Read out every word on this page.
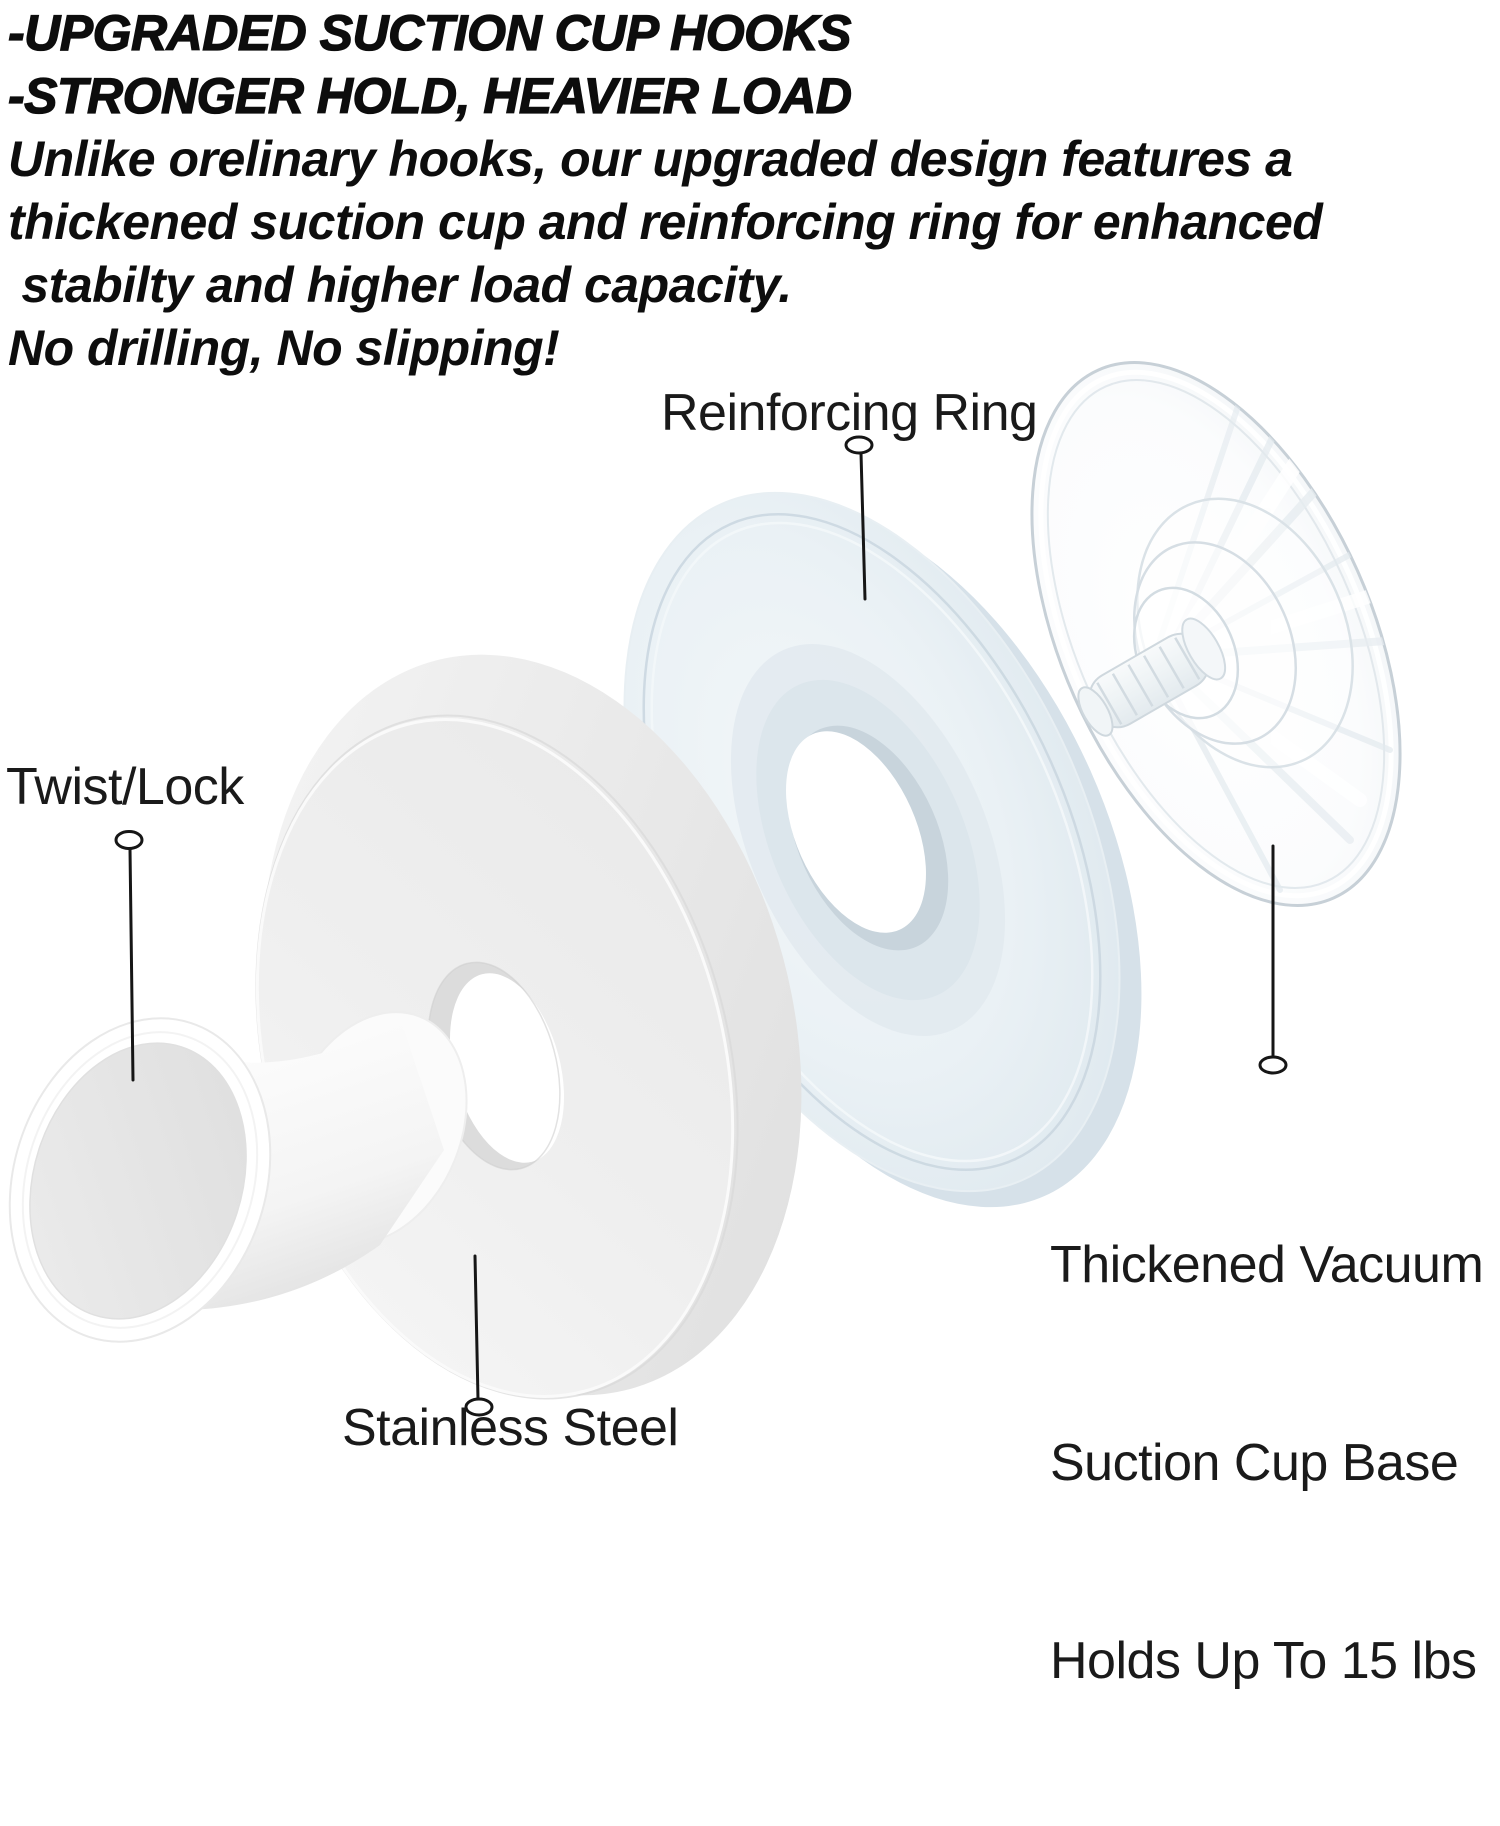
-UPGRADED SUCTION CUP HOOKS
-STRONGER HOLD, HEAVIER LOAD
Unlike orelinary hooks, our upgraded design features a
thickened suction cup and reinforcing ring for enhanced
stabilty and higher load capacity.
No drilling, No slipping!
Reinforcing Ring
Twist/Lock
Stainless Steel

Thickened Vacuum

Suction Cup Base

Holds Up To 15 lbs
